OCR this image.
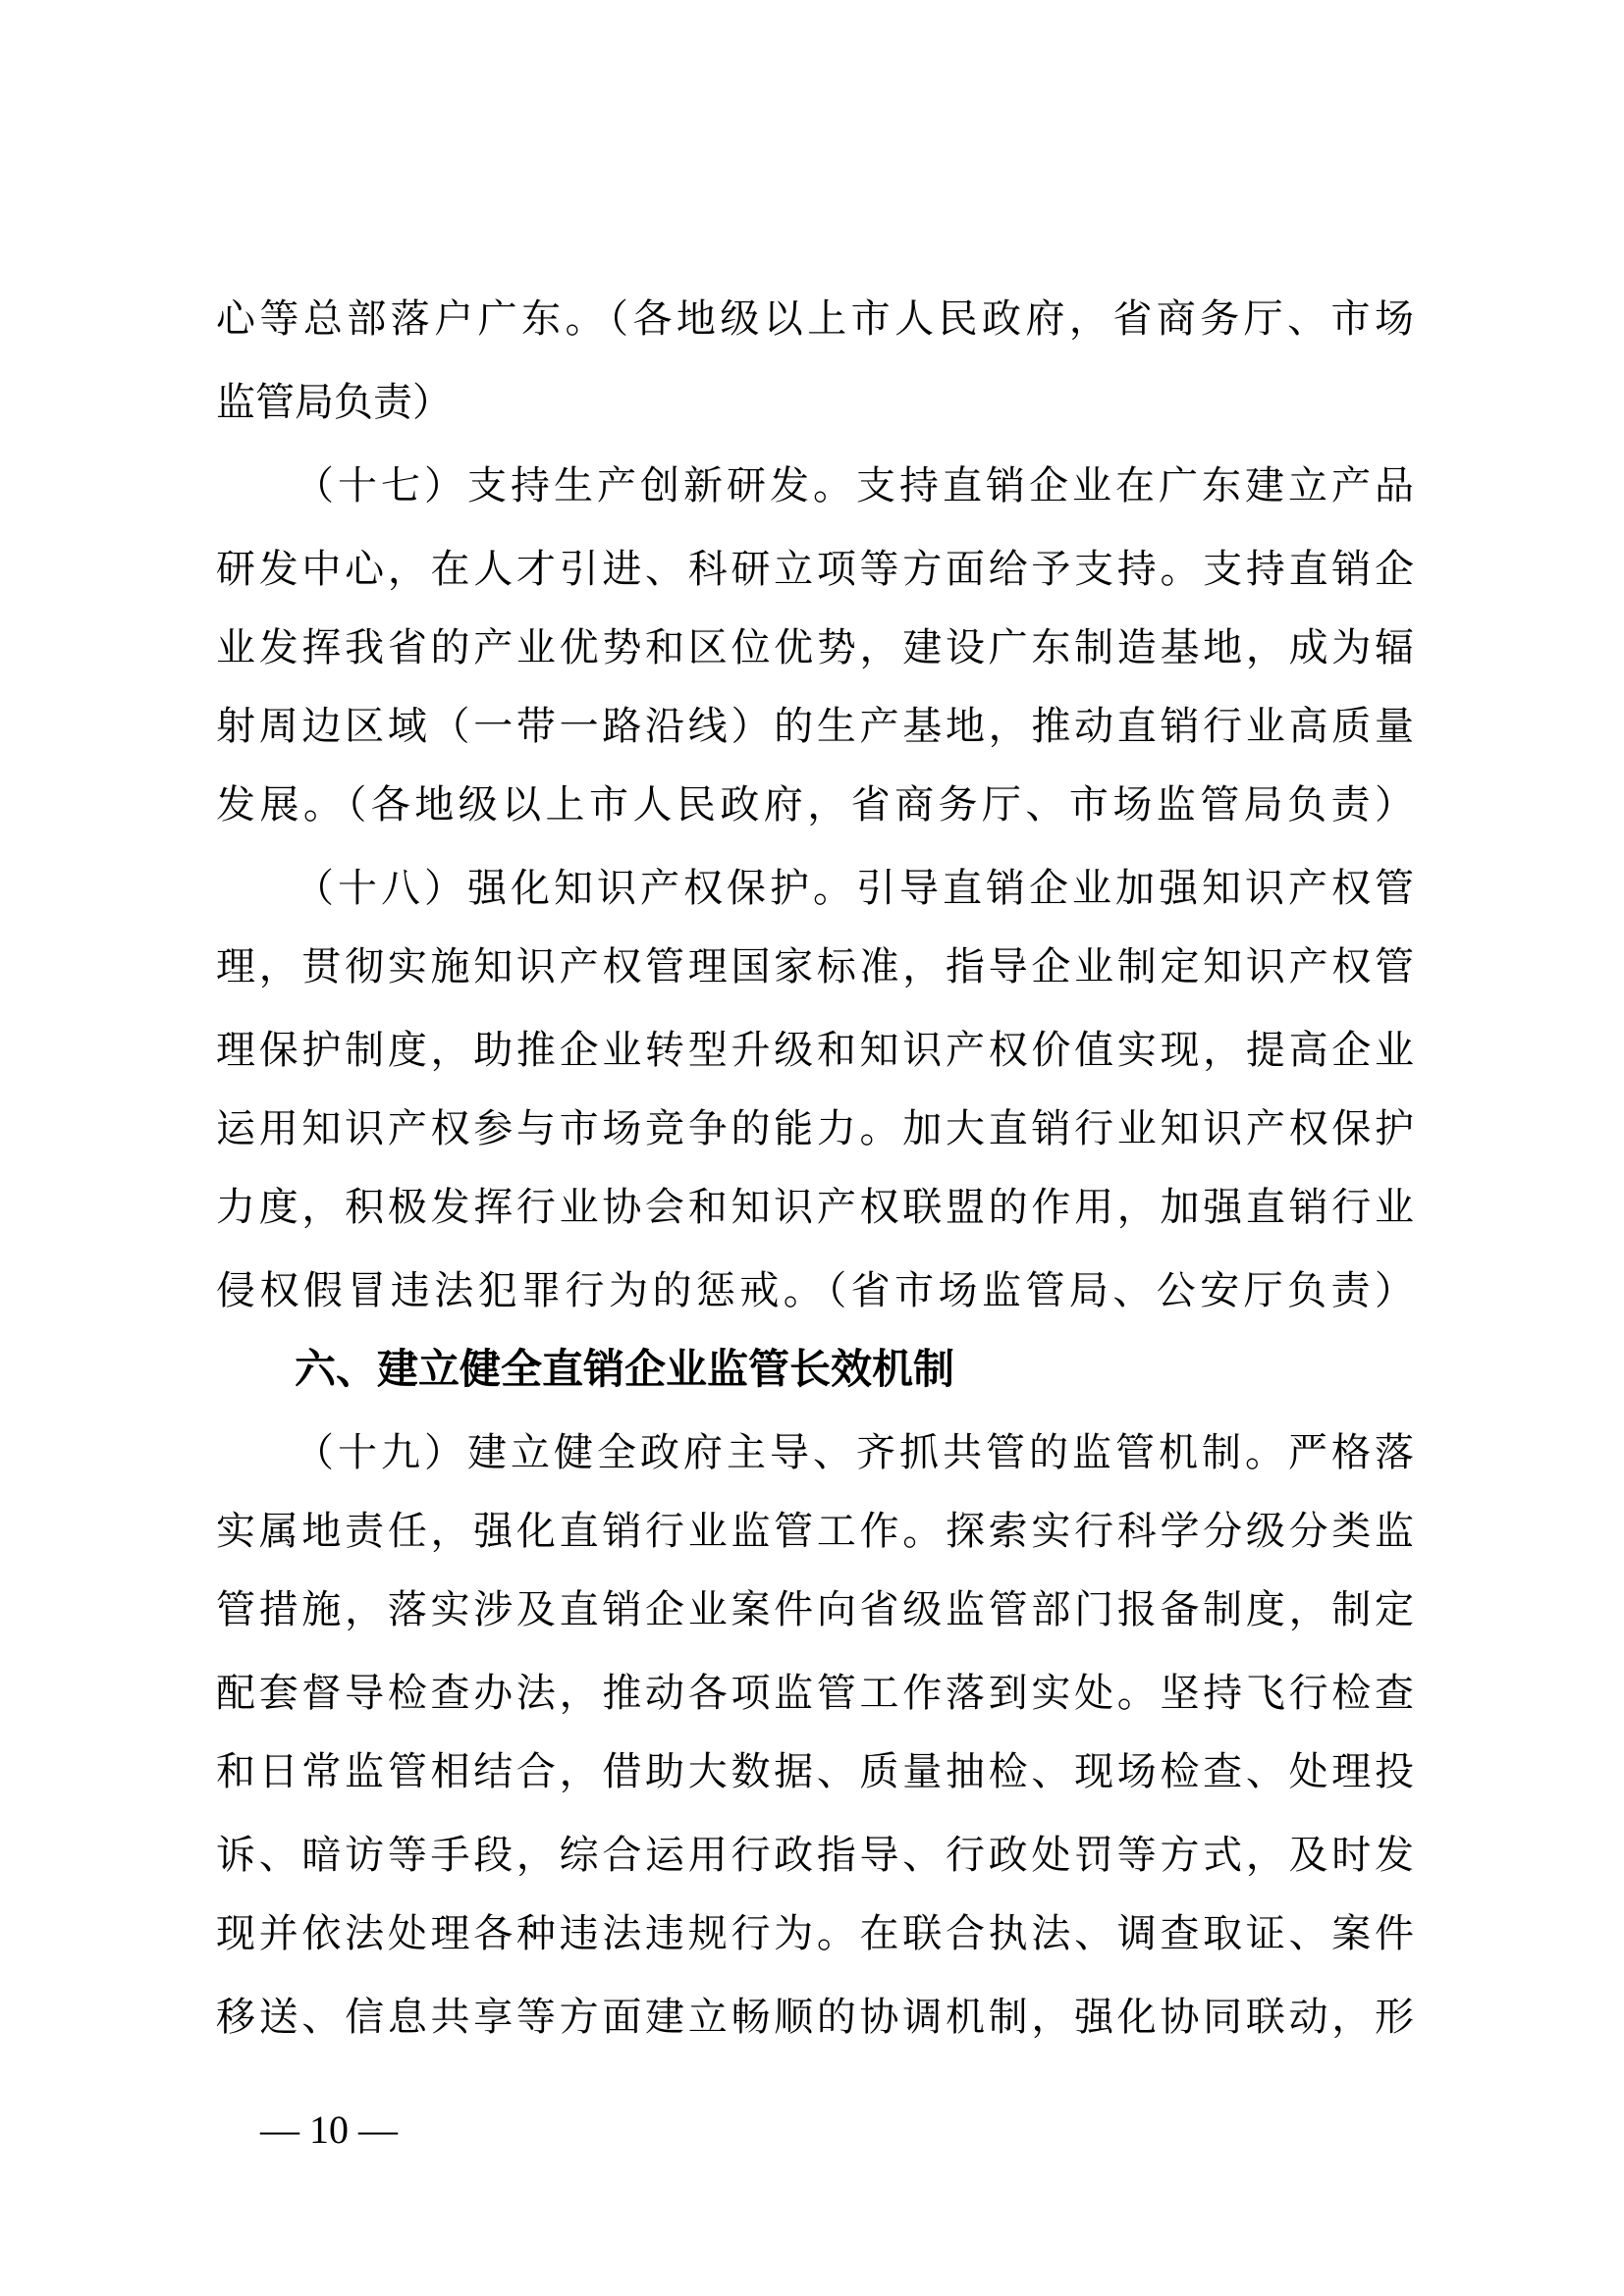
心等总部落户广东。（各地级以上市人民政府，省商务厅、市场
监管局负责）
（十七）支持生产创新研发。支持直销企业在广东建立产品
研发中心，在人才引进、科研立项等方面给予支持。支持直销企
业发挥我省的产业优势和区位优势，建设广东制造基地，成为辐
射周边区域（一带一路沿线）的生产基地，推动直销行业高质量
发展。（各地级以上市人民政府，省商务厅、市场监管局负责）
（十八）强化知识产权保护。引导直销企业加强知识产权管
理，贯彻实施知识产权管理国家标准，指导企业制定知识产权管
理保护制度，助推企业转型升级和知识产权价值实现，提高企业
运用知识产权参与市场竞争的能力。加大直销行业知识产权保护
力度，积极发挥行业协会和知识产权联盟的作用，加强直销行业
侵权假冒违法犯罪行为的惩戒。（省市场监管局、公安厅负责）
六、建立健全直销企业监管长效机制
（十九）建立健全政府主导、齐抓共管的监管机制。严格落
实属地责任，强化直销行业监管工作。探索实行科学分级分类监
管措施，落实涉及直销企业案件向省级监管部门报备制度，制定
配套督导检查办法，推动各项监管工作落到实处。坚持飞行检查
和日常监管相结合，借助大数据、质量抽检、现场检查、处理投
诉、暗访等手段，综合运用行政指导、行政处罚等方式，及时发
现并依法处理各种违法违规行为。在联合执法、调查取证、案件
移送、信息共享等方面建立畅顺的协调机制，强化协同联动，形
— 10 —
